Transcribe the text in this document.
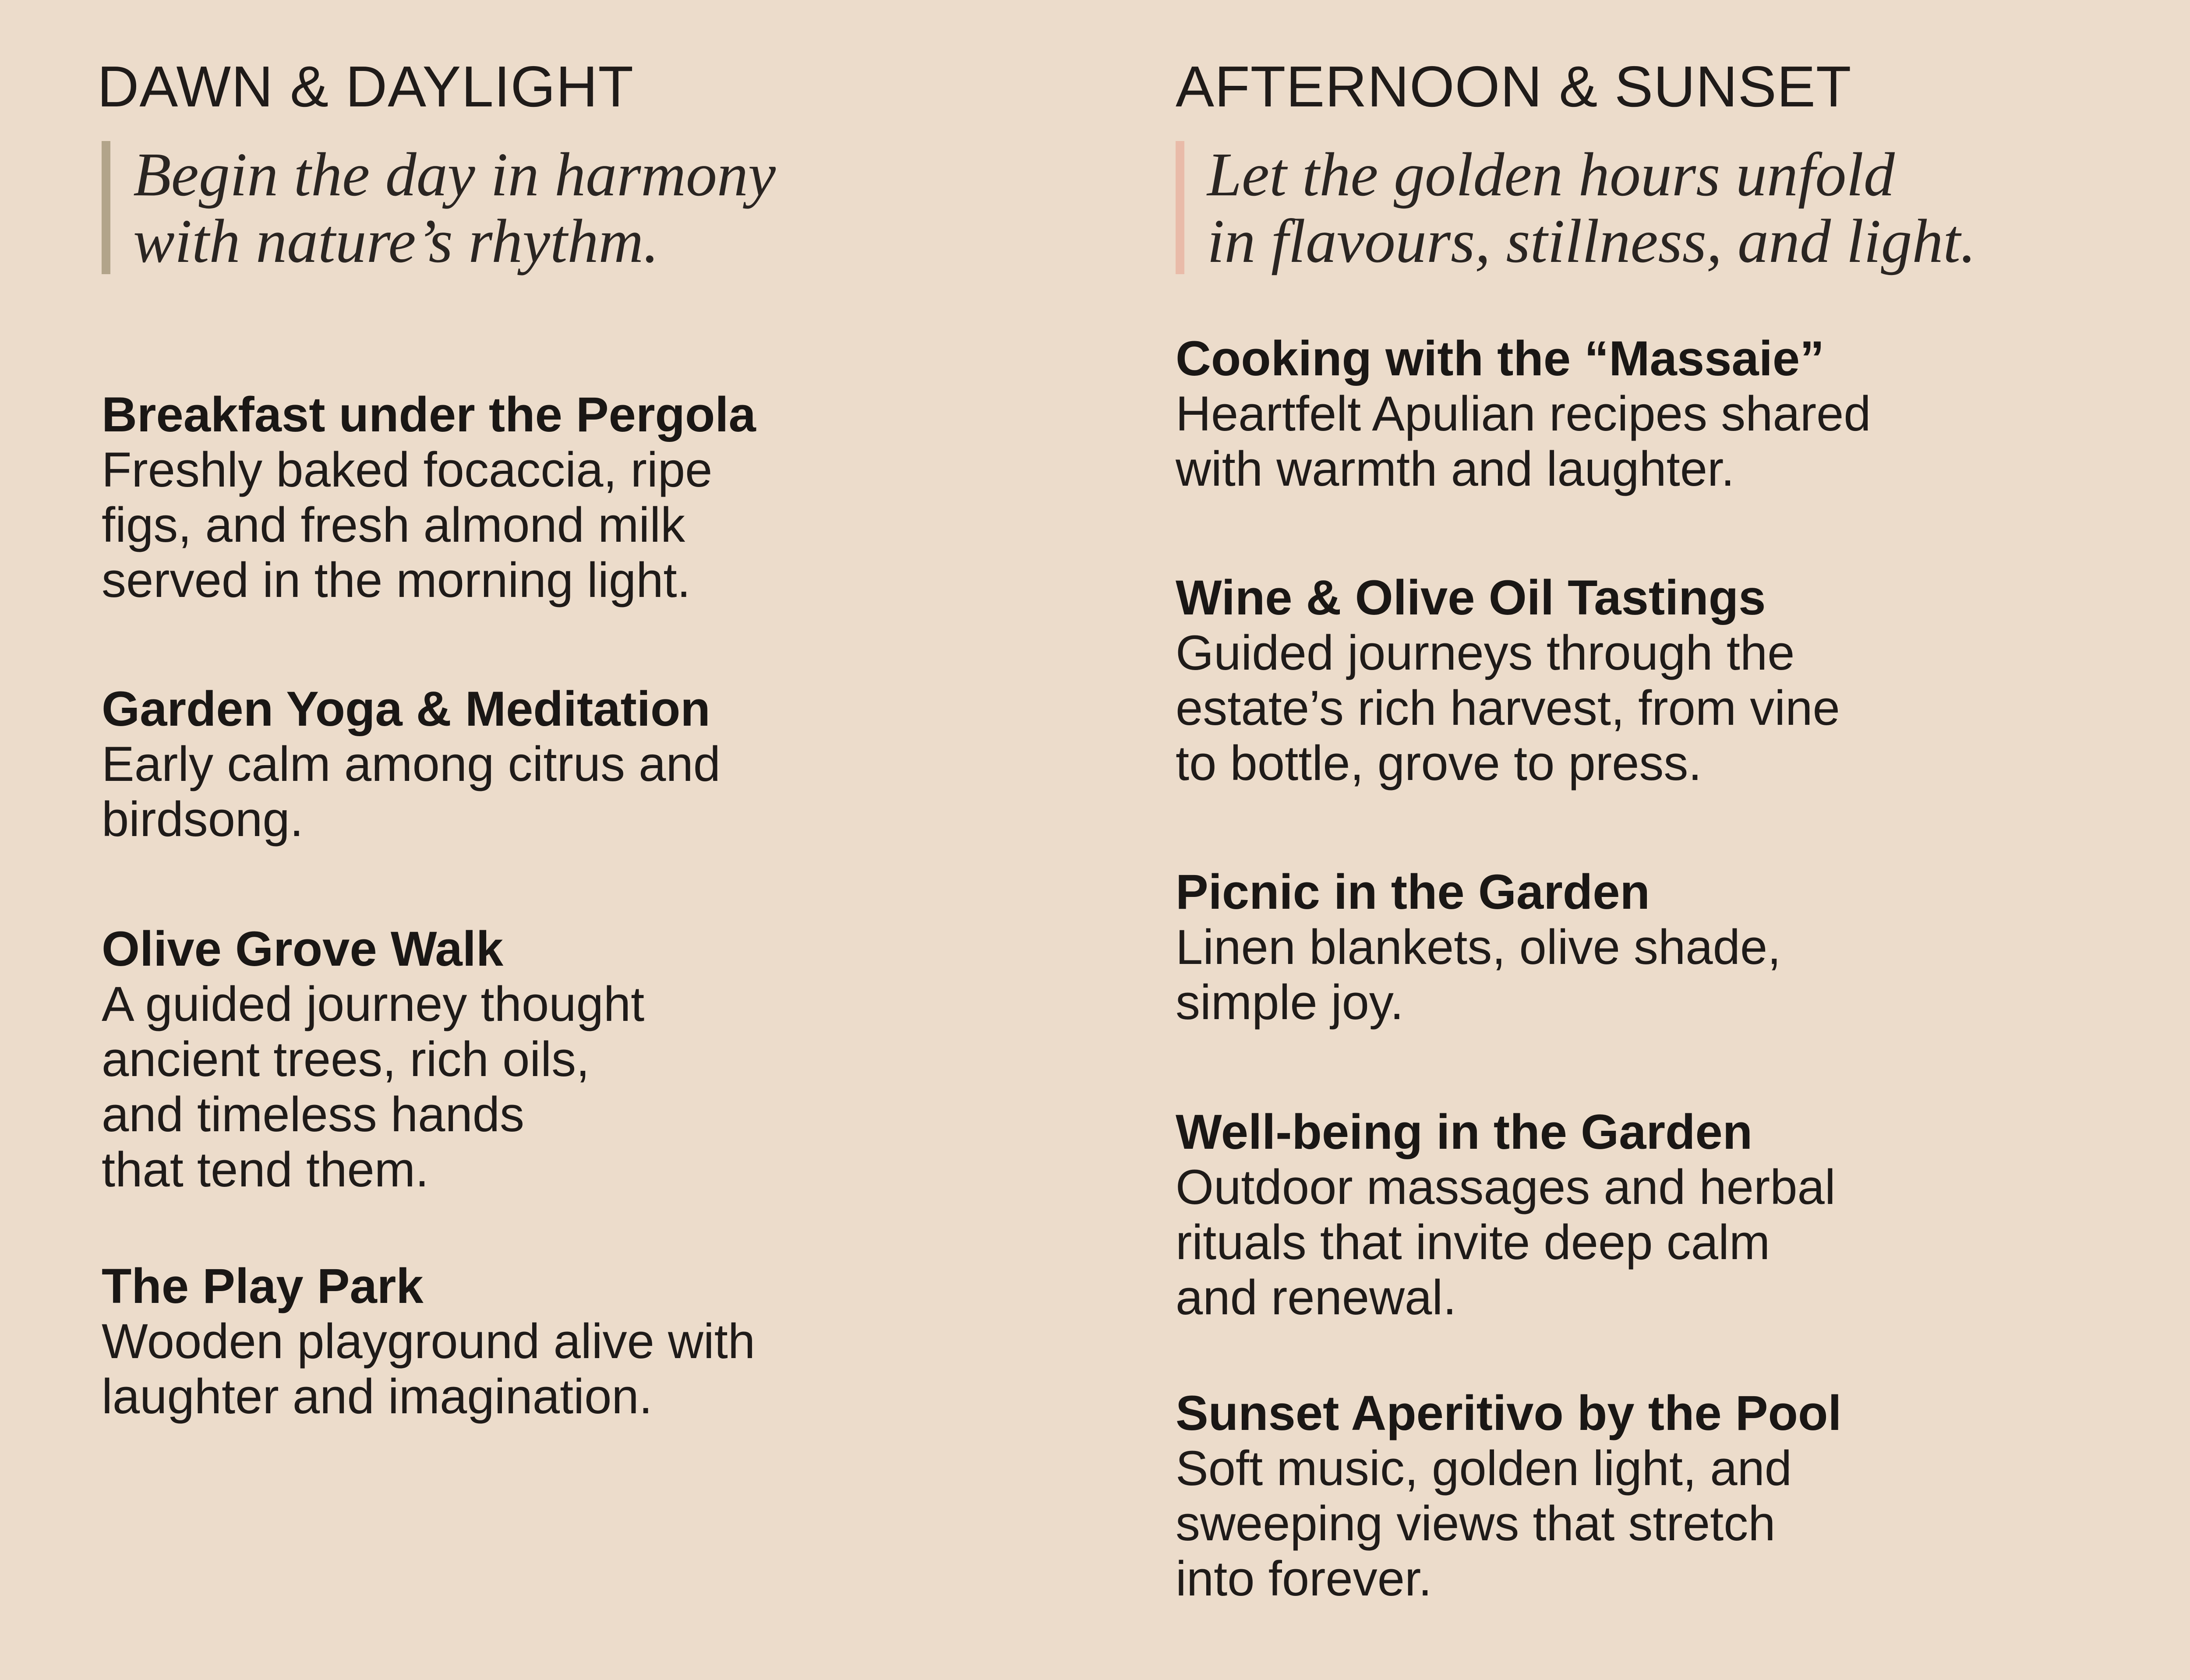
DAWN & DAYLIGHT
Begin the day in harmony
with nature’s rhythm.
Breakfast under the Pergola
Freshly baked focaccia, ripe
figs, and fresh almond milk
served in the morning light.
Garden Yoga & Meditation
Early calm among citrus and
birdsong.
Olive Grove Walk
A guided journey thought
ancient trees, rich oils,
and timeless hands
that tend them.
The Play Park
Wooden playground alive with
laughter and imagination.
AFTERNOON & SUNSET
Let the golden hours unfold
in flavours, stillness, and light.
Cooking with the “Massaie”
Heartfelt Apulian recipes shared
with warmth and laughter.
Wine & Olive Oil Tastings
Guided journeys through the
estate’s rich harvest, from vine
to bottle, grove to press.
Picnic in the Garden
Linen blankets, olive shade,
simple joy.
Well-being in the Garden
Outdoor massages and herbal
rituals that invite deep calm
and renewal.
Sunset Aperitivo by the Pool
Soft music, golden light, and
sweeping views that stretch
into forever.
